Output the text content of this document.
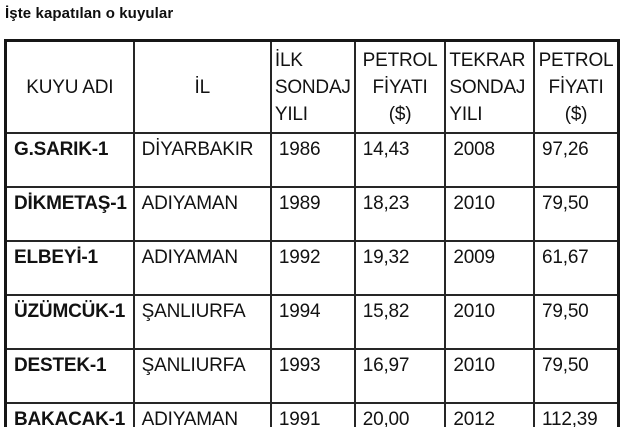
İşte kapatılan o kuyular
KUYU ADI	İL	İLK SONDAJ YILI	PETROL FİYATI ($)	TEKRAR SONDAJ YILI	PETROL FİYATI ($)
G.SARIK-1	DİYARBAKIR	1986	14,43	2008	97,26
DİKMETAŞ-1	ADIYAMAN	1989	18,23	2010	79,50
ELBEYİ-1	ADIYAMAN	1992	19,32	2009	61,67
ÜZÜMCÜK-1	ŞANLIURFA	1994	15,82	2010	79,50
DESTEK-1	ŞANLIURFA	1993	16,97	2010	79,50
BAKACAK-1	ADIYAMAN	1991	20,00	2012	112,39
